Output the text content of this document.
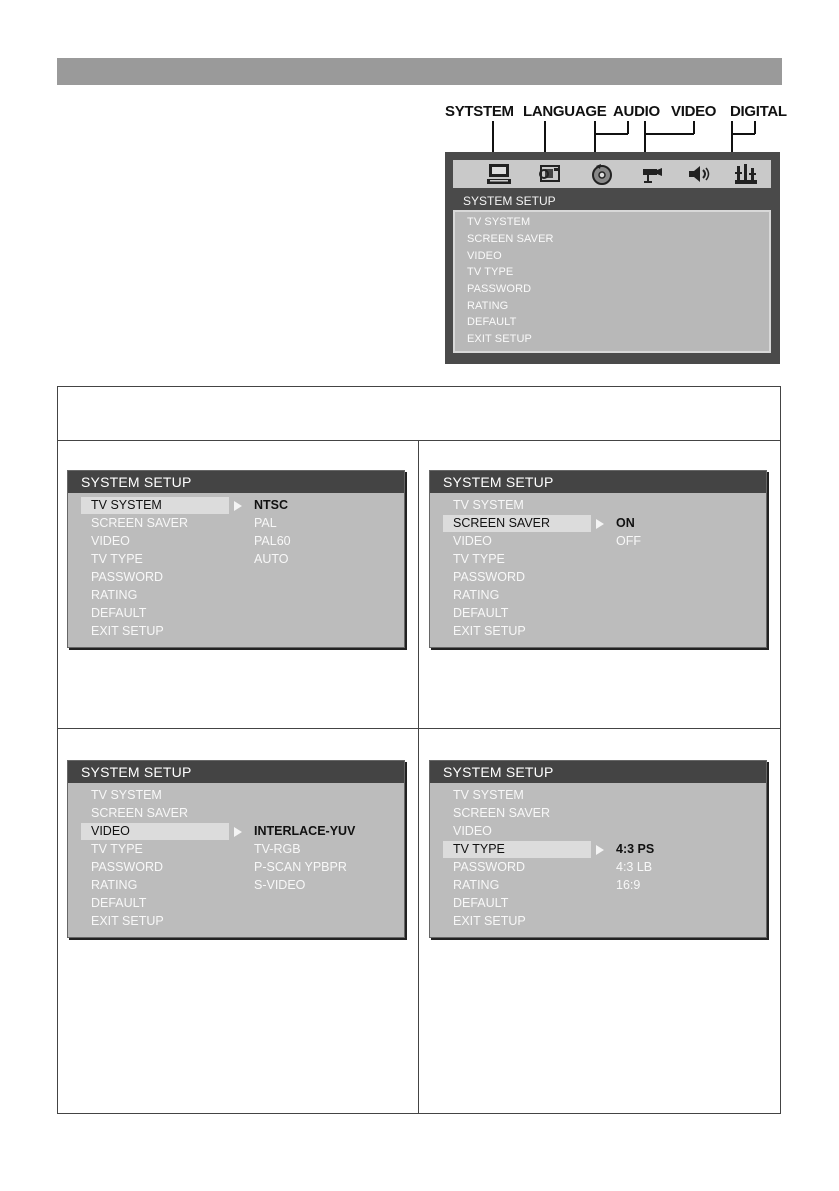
SYTSTEM LANGUAGE AUDIO VIDEO DIGITAL
SYSTEM SETUP
TV SYSTEM
SCREEN SAVER
VIDEO
TV TYPE
PASSWORD
RATING
DEFAULT
EXIT SETUP
SYSTEM SETUP
TV SYSTEM
SCREEN SAVER
VIDEO
TV TYPE
PASSWORD
RATING
DEFAULT
EXIT SETUP
NTSC
PAL
PAL60
AUTO
SYSTEM SETUP
TV SYSTEM
SCREEN SAVER
VIDEO
TV TYPE
PASSWORD
RATING
DEFAULT
EXIT SETUP
ON
OFF
SYSTEM SETUP
TV SYSTEM
SCREEN SAVER
VIDEO
TV TYPE
PASSWORD
RATING
DEFAULT
EXIT SETUP
INTERLACE-YUV
TV-RGB
P-SCAN YPBPR
S-VIDEO
SYSTEM SETUP
TV SYSTEM
SCREEN SAVER
VIDEO
TV TYPE
PASSWORD
RATING
DEFAULT
EXIT SETUP
4:3 PS
4:3 LB
16:9
